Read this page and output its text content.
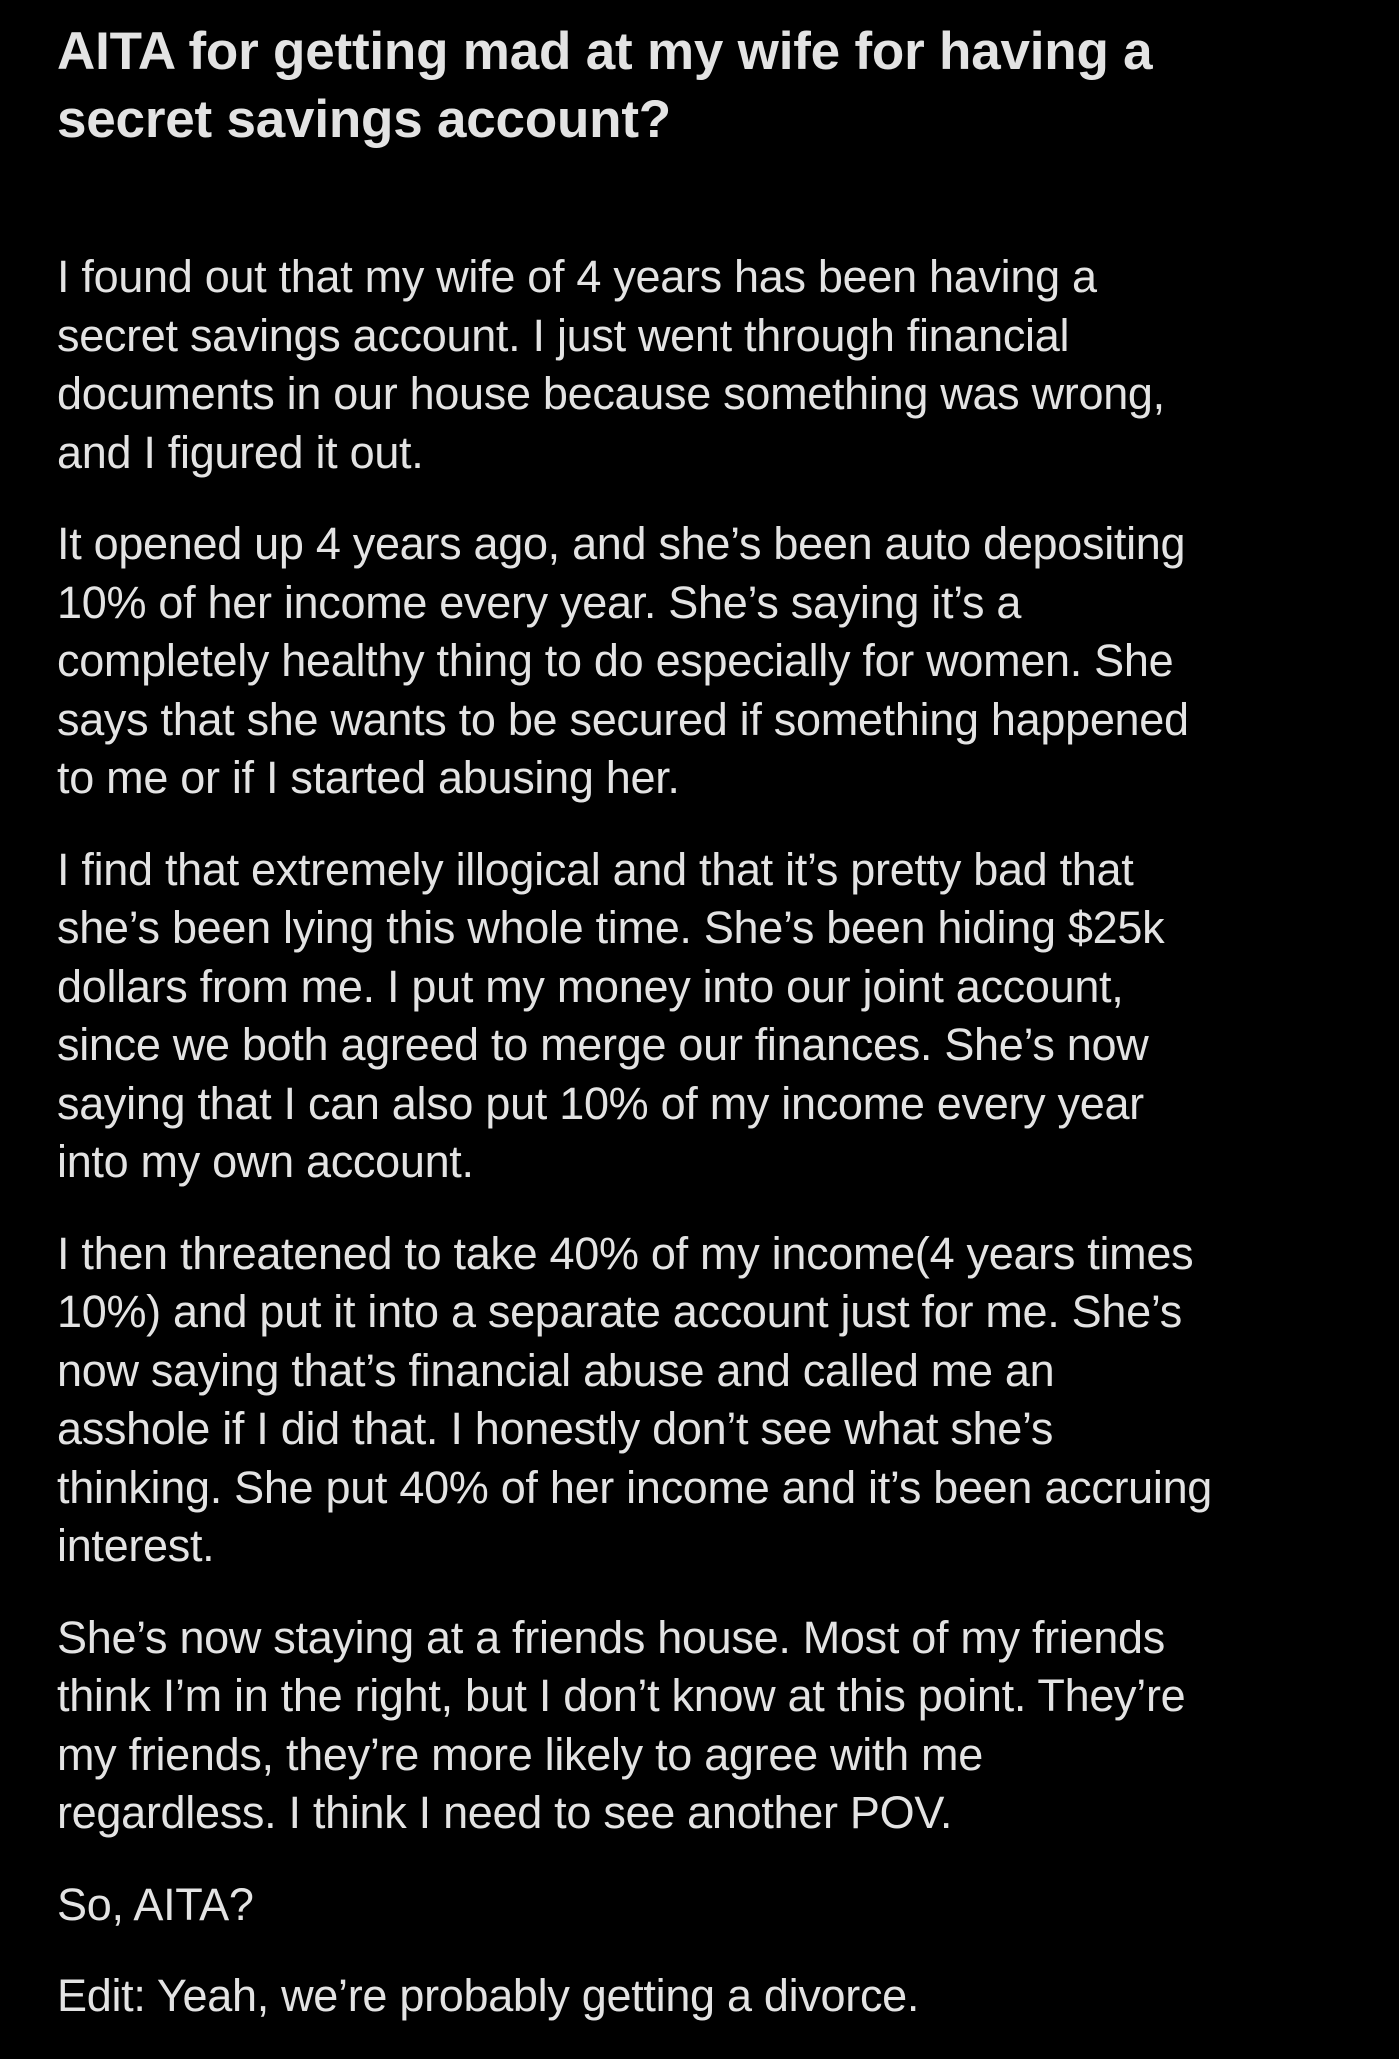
AITA for getting mad at my wife for having a
secret savings account?

I found out that my wife of 4 years has been having a
secret savings account. I just went through financial
documents in our house because something was wrong,
and I figured it out.

It opened up 4 years ago, and she’s been auto depositing
10% of her income every year. She’s saying it’s a
completely healthy thing to do especially for women. She
says that she wants to be secured if something happened
to me or if I started abusing her.

I find that extremely illogical and that it’s pretty bad that
she’s been lying this whole time. She’s been hiding $25k
dollars from me. I put my money into our joint account,
since we both agreed to merge our finances. She’s now
saying that I can also put 10% of my income every year
into my own account.

I then threatened to take 40% of my income(4 years times
10%) and put it into a separate account just for me. She’s
now saying that’s financial abuse and called me an
asshole if I did that. I honestly don’t see what she’s
thinking. She put 40% of her income and it’s been accruing
interest.

She’s now staying at a friends house. Most of my friends
think I’m in the right, but I don’t know at this point. They’re
my friends, they’re more likely to agree with me
regardless. I think I need to see another POV.

So, AITA?

Edit: Yeah, we’re probably getting a divorce.
